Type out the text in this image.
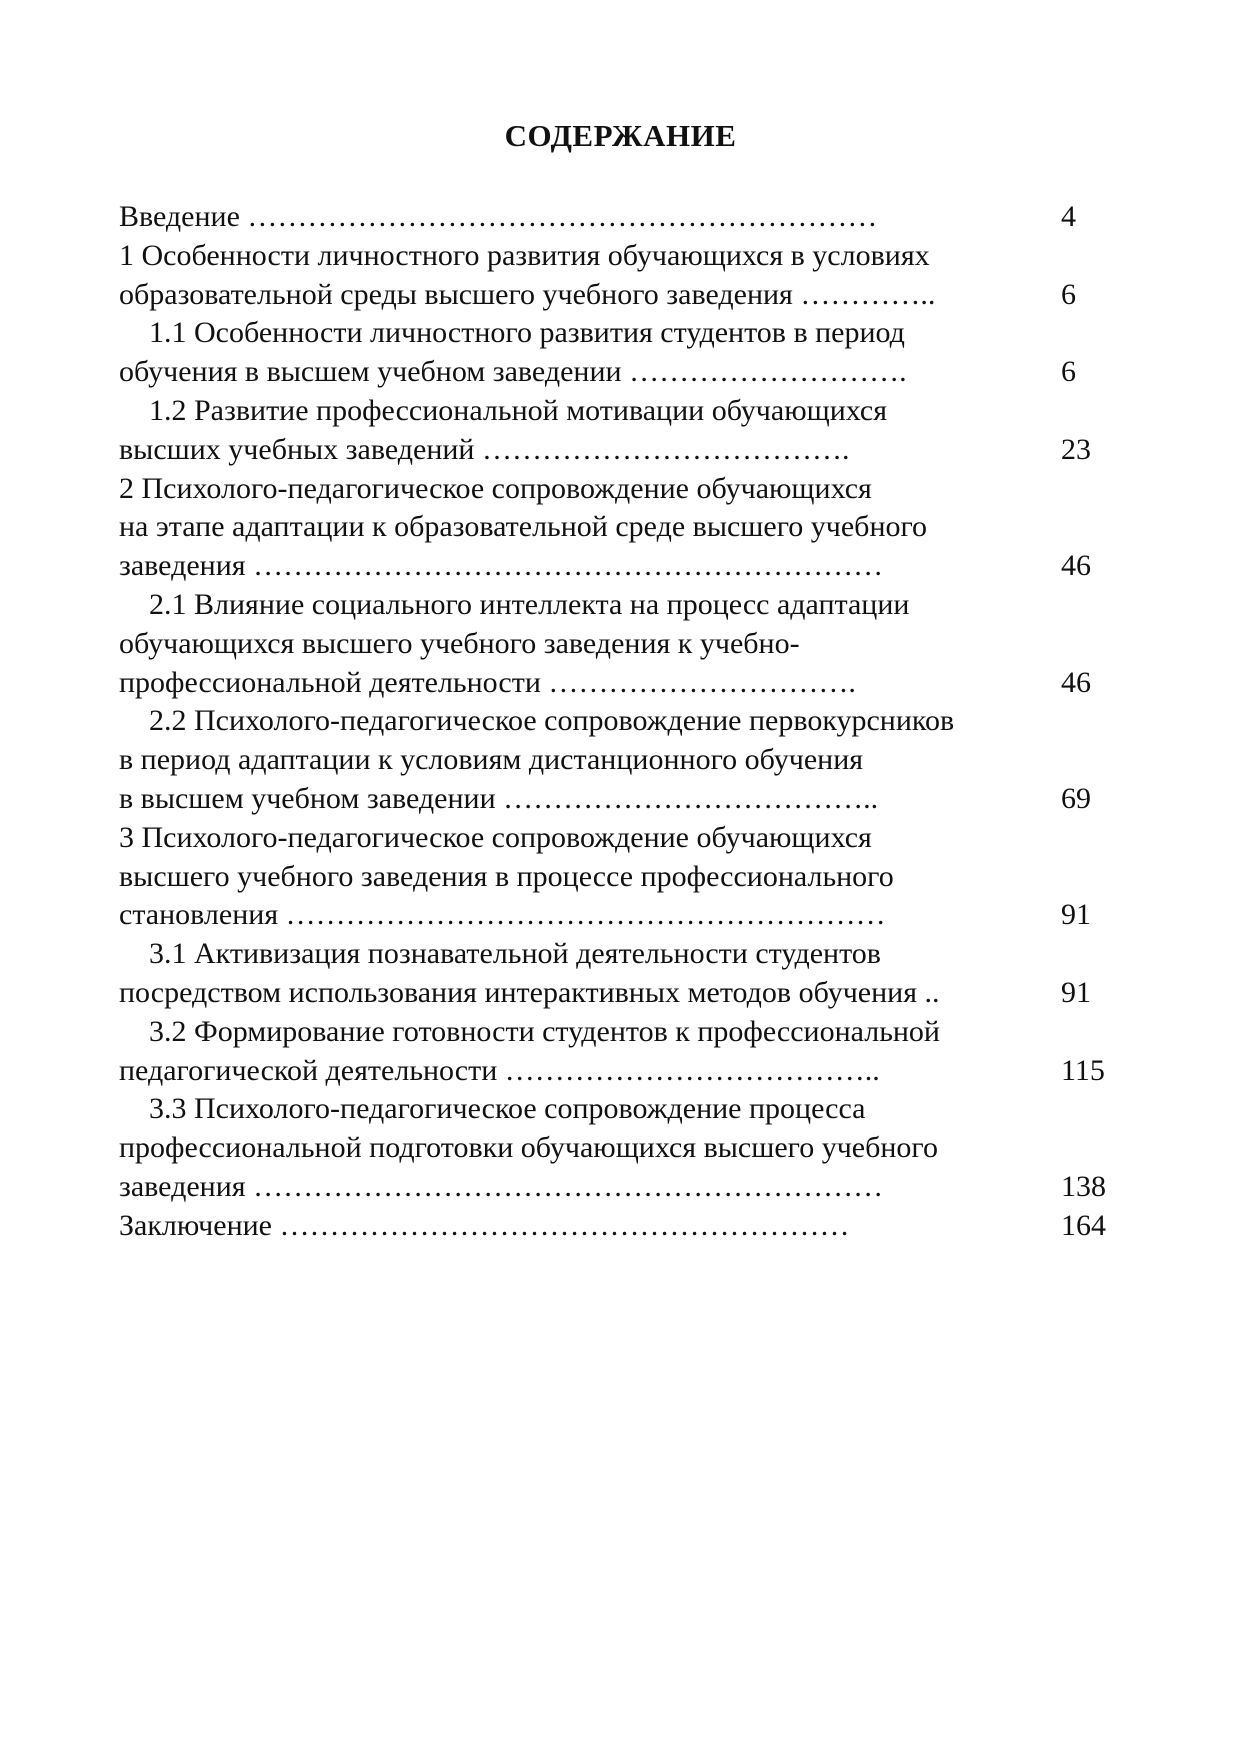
СОДЕРЖАНИЕ
Введение ………………………………………………………	4
1 Особенности личностного развития обучающихся в условиях
образовательной среды высшего учебного заведения …………..	6
1.1 Особенности личностного развития студентов в период
обучения в высшем учебном заведении ……………………….	6
1.2 Развитие профессиональной мотивации обучающихся
высших учебных заведений ……………………………….	23
2 Психолого-педагогическое сопровождение обучающихся
на этапе адаптации к образовательной среде высшего учебного
заведения ………………………………………………………	46
2.1 Влияние социального интеллекта на процесс адаптации
обучающихся высшего учебного заведения к учебно-
профессиональной деятельности ………………………….	46
2.2 Психолого-педагогическое сопровождение первокурсников
в период адаптации к условиям дистанционного обучения
в высшем учебном заведении ………………………………..	69
3 Психолого-педагогическое сопровождение обучающихся
высшего учебного заведения в процессе профессионального
становления ……………………………………………………	91
3.1 Активизация познавательной деятельности студентов
посредством использования интерактивных методов обучения ..	91
3.2 Формирование готовности студентов к профессиональной
педагогической деятельности ………………………………..	115
3.3 Психолого-педагогическое сопровождение процесса
профессиональной подготовки обучающихся высшего учебного
заведения ………………………………………………………	138
Заключение …………………………………………………	164
